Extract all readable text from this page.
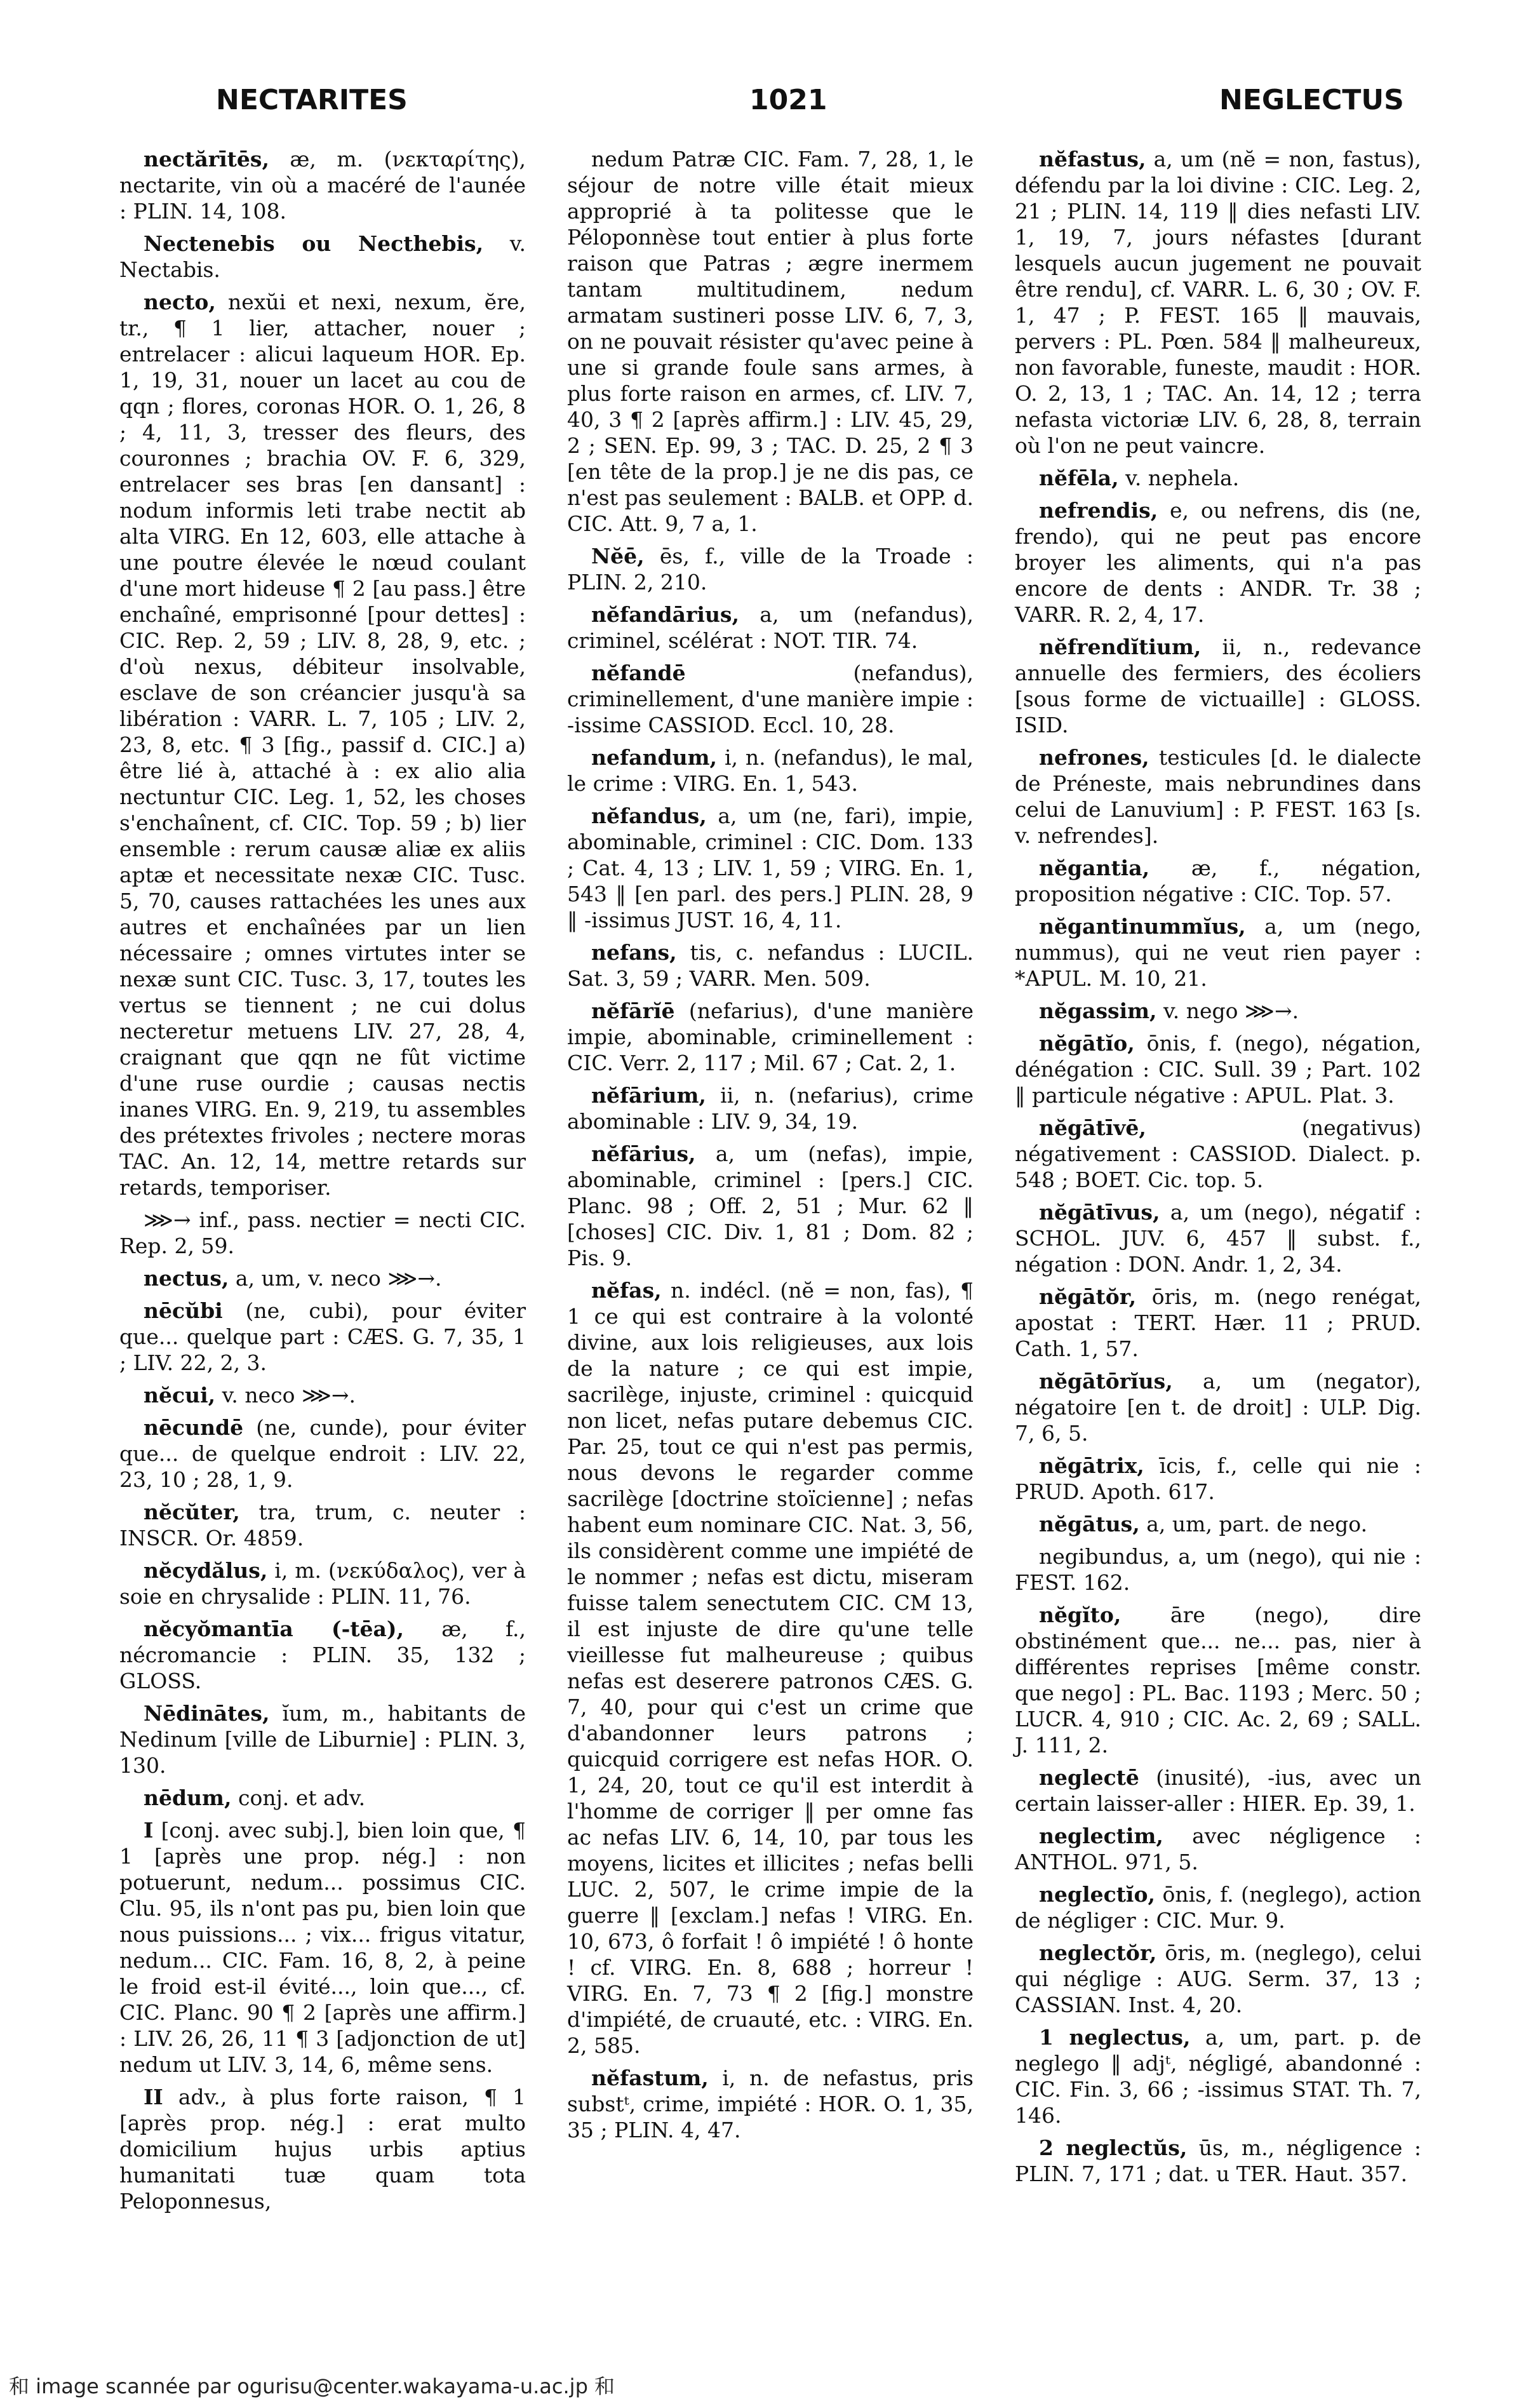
NECTARITES	1021	NEGLECTUS

nectărītēs, æ, m. (νεκταρίτης), nectarite, vin où a macéré de l'aunée : PLIN. 14, 108.

Nectenebis ou Necthebis, v. Nectabis.

necto, nexŭi et nexi, nexum, ĕre, tr., ¶ 1 lier, attacher, nouer ; entrelacer : alicui laqueum HOR. Ep. 1, 19, 31, nouer un lacet au cou de qqn ; flores, coronas HOR. O. 1, 26, 8 ; 4, 11, 3, tresser des fleurs, des couronnes ; brachia OV. F. 6, 329, entrelacer ses bras [en dansant] : nodum informis leti trabe nectit ab alta VIRG. En 12, 603, elle attache à une poutre élevée le nœud coulant d'une mort hideuse ¶ 2 [au pass.] être enchaîné, emprisonné [pour dettes] : CIC. Rep. 2, 59 ; LIV. 8, 28, 9, etc. ; d'où nexus, débiteur insolvable, esclave de son créancier jusqu'à sa libération : VARR. L. 7, 105 ; LIV. 2, 23, 8, etc. ¶ 3 [fig., passif d. CIC.] a) être lié à, attaché à : ex alio alia nectuntur CIC. Leg. 1, 52, les choses s'enchaînent, cf. CIC. Top. 59 ; b) lier ensemble : rerum causæ aliæ ex aliis aptæ et necessitate nexæ CIC. Tusc. 5, 70, causes rattachées les unes aux autres et enchaînées par un lien nécessaire ; omnes virtutes inter se nexæ sunt CIC. Tusc. 3, 17, toutes les vertus se tiennent ; ne cui dolus necteretur metuens LIV. 27, 28, 4, craignant que qqn ne fût victime d'une ruse ourdie ; causas nectis inanes VIRG. En. 9, 219, tu assembles des prétextes frivoles ; nectere moras TAC. An. 12, 14, mettre retards sur retards, temporiser.

⋙→ inf., pass. nectier = necti CIC. Rep. 2, 59.

nectus, a, um, v. neco ⋙→.

nēcŭbi (ne, cubi), pour éviter que... quelque part : CÆS. G. 7, 35, 1 ; LIV. 22, 2, 3.

nĕcui, v. neco ⋙→.

nēcundē (ne, cunde), pour éviter que... de quelque endroit : LIV. 22, 23, 10 ; 28, 1, 9.

nĕcŭter, tra, trum, c. neuter : INSCR. Or. 4859.

nĕcydălus, i, m. (νεκύδαλος), ver à soie en chrysalide : PLIN. 11, 76.

nĕcyŏmantīa (-tēa), æ, f., nécromancie : PLIN. 35, 132 ; GLOSS.

Nēdinātes, ĭum, m., habitants de Nedinum [ville de Liburnie] : PLIN. 3, 130.

nēdum, conj. et adv.

I [conj. avec subj.], bien loin que, ¶ 1 [après une prop. nég.] : non potuerunt, nedum... possimus CIC. Clu. 95, ils n'ont pas pu, bien loin que nous puissions... ; vix... frigus vitatur, nedum... CIC. Fam. 16, 8, 2, à peine le froid est-il évité..., loin que..., cf. CIC. Planc. 90 ¶ 2 [après une affirm.] : LIV. 26, 26, 11 ¶ 3 [adjonction de ut] nedum ut LIV. 3, 14, 6, même sens.

II adv., à plus forte raison, ¶ 1 [après prop. nég.] : erat multo domicilium hujus urbis aptius humanitati tuæ quam tota Peloponnesus,

nedum Patræ CIC. Fam. 7, 28, 1, le séjour de notre ville était mieux approprié à ta politesse que le Péloponnèse tout entier à plus forte raison que Patras ; ægre inermem tantam multitudinem, nedum armatam sustineri posse LIV. 6, 7, 3, on ne pouvait résister qu'avec peine à une si grande foule sans armes, à plus forte raison en armes, cf. LIV. 7, 40, 3 ¶ 2 [après affirm.] : LIV. 45, 29, 2 ; SEN. Ep. 99, 3 ; TAC. D. 25, 2 ¶ 3 [en tête de la prop.] je ne dis pas, ce n'est pas seulement : BALB. et OPP. d. CIC. Att. 9, 7 a, 1.

Nĕē, ēs, f., ville de la Troade : PLIN. 2, 210.

nĕfandārius, a, um (nefandus), criminel, scélérat : NOT. TIR. 74.

nĕfandē	(nefandus), criminellement, d'une manière impie : -issime CASSIOD. Eccl. 10, 28.

nefandum, i, n. (nefandus), le mal, le crime : VIRG. En. 1, 543.

nĕfandus, a, um (ne, fari), impie, abominable, criminel : CIC. Dom. 133 ; Cat. 4, 13 ; LIV. 1, 59 ; VIRG. En. 1, 543 ‖ [en parl. des pers.] PLIN. 28, 9 ‖ -issimus JUST. 16, 4, 11.

nefans, tis, c. nefandus : LUCIL. Sat. 3, 59 ; VARR. Men. 509.

nĕfārĭē (nefarius), d'une manière impie, abominable, criminellement : CIC. Verr. 2, 117 ; Mil. 67 ; Cat. 2, 1.

nĕfārium, ii, n. (nefarius), crime abominable : LIV. 9, 34, 19.

nĕfārius, a, um (nefas), impie, abominable, criminel : [pers.] CIC. Planc. 98 ; Off. 2, 51 ; Mur. 62 ‖ [choses] CIC. Div. 1, 81 ; Dom. 82 ; Pis. 9.

nĕfas, n. indécl. (nĕ = non, fas), ¶ 1 ce qui est contraire à la volonté divine, aux lois religieuses, aux lois de la nature ; ce qui est impie, sacrilège, injuste, criminel : quicquid non licet, nefas putare debemus CIC. Par. 25, tout ce qui n'est pas permis, nous devons le regarder comme sacrilège [doctrine stoïcienne] ; nefas habent eum nominare CIC. Nat. 3, 56, ils considèrent comme une impiété de le nommer ; nefas est dictu, miseram fuisse talem senectutem CIC. CM 13, il est injuste de dire qu'une telle vieillesse fut malheureuse ; quibus nefas est deserere patronos CÆS. G. 7, 40, pour qui c'est un crime que d'abandonner leurs patrons ; quicquid corrigere est nefas HOR. O. 1, 24, 20, tout ce qu'il est interdit à l'homme de corriger ‖ per omne fas ac nefas LIV. 6, 14, 10, par tous les moyens, licites et illicites ; nefas belli LUC. 2, 507, le crime impie de la guerre ‖ [exclam.] nefas ! VIRG. En. 10, 673, ô forfait ! ô impiété ! ô honte ! cf. VIRG. En. 8, 688 ; horreur ! VIRG. En. 7, 73 ¶ 2 [fig.] monstre d'impiété, de cruauté, etc. : VIRG. En. 2, 585.

nĕfastum, i, n. de nefastus, pris substᵗ, crime, impiété : HOR. O. 1, 35, 35 ; PLIN. 4, 47.

nĕfastus, a, um (nĕ = non, fastus), défendu par la loi divine : CIC. Leg. 2, 21 ; PLIN. 14, 119 ‖ dies nefasti LIV. 1, 19, 7, jours néfastes [durant lesquels aucun jugement ne pouvait être rendu], cf. VARR. L. 6, 30 ; OV. F. 1, 47 ; P. FEST. 165 ‖ mauvais, pervers : PL. Pœn. 584 ‖ malheureux, non favorable, funeste, maudit : HOR. O. 2, 13, 1 ; TAC. An. 14, 12 ; terra nefasta victoriæ LIV. 6, 28, 8, terrain où l'on ne peut vaincre.

nĕfēla, v. nephela.

nefrendis, e, ou nefrens, dis (ne, frendo), qui ne peut pas encore broyer les aliments, qui n'a pas encore de dents : ANDR. Tr. 38 ; VARR. R. 2, 4, 17.

nĕfrendĭtium, ii, n., redevance annuelle des fermiers, des écoliers [sous forme de victuaille] : GLOSS. ISID.

nefrones, testicules [d. le dialecte de Préneste, mais nebrundines dans celui de Lanuvium] : P. FEST. 163 [s. v. nefrendes].

nĕgantia, æ, f., négation, proposition négative : CIC. Top. 57.

nĕgantinummĭus, a, um (nego, nummus), qui ne veut rien payer : *APUL. M. 10, 21.

nĕgassim, v. nego ⋙→.

nĕgātĭo, ōnis, f. (nego), négation, dénégation : CIC. Sull. 39 ; Part. 102 ‖ particule négative : APUL. Plat. 3.

nĕgātīvē,	(negativus) négativement : CASSIOD. Dialect. p. 548 ; BOET. Cic. top. 5.

nĕgātīvus, a, um (nego), négatif : SCHOL. JUV. 6, 457 ‖ subst. f., négation : DON. Andr. 1, 2, 34.

nĕgātŏr, ōris, m. (nego renégat, apostat : TERT. Hær. 11 ; PRUD. Cath. 1, 57.

nĕgātōrĭus, a, um (negator), négatoire [en t. de droit] : ULP. Dig. 7, 6, 5.

nĕgātrix, īcis, f., celle qui nie : PRUD. Apoth. 617.

nĕgātus, a, um, part. de nego.

negibundus, a, um (nego), qui nie : FEST. 162.

nĕgĭto, āre (nego), dire obstinément que... ne... pas, nier à différentes reprises [même constr. que nego] : PL. Bac. 1193 ; Merc. 50 ; LUCR. 4, 910 ; CIC. Ac. 2, 69 ; SALL. J. 111, 2.

neglectē (inusité), -ius, avec un certain laisser-aller : HIER. Ep. 39, 1.

neglectim, avec négligence : ANTHOL. 971, 5.

neglectĭo, ōnis, f. (neglego), action de négliger : CIC. Mur. 9.

neglectŏr, ōris, m. (neglego), celui qui néglige : AUG. Serm. 37, 13 ; CASSIAN. Inst. 4, 20.

1 neglectus, a, um, part. p. de neglego ‖ adjᵗ, négligé, abandonné : CIC. Fin. 3, 66 ; -issimus STAT. Th. 7, 146.

2 neglectŭs, ūs, m., négligence : PLIN. 7, 171 ; dat. u TER. Haut. 357.

和 image scannée par ogurisu@center.wakayama-u.ac.jp 和
